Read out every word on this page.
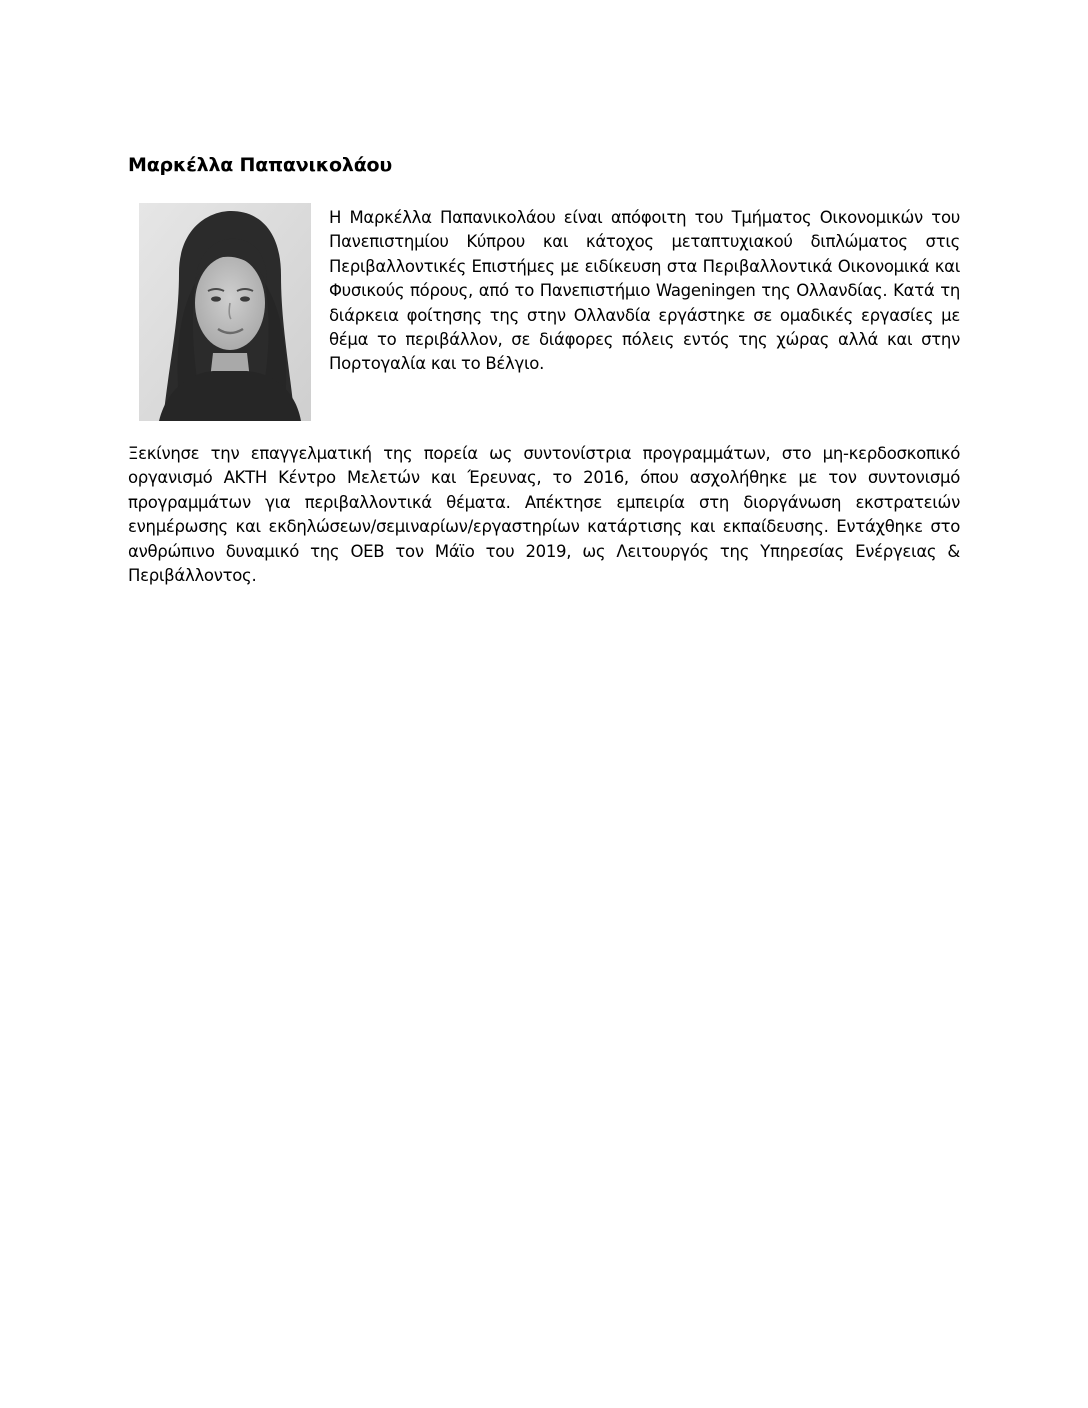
Μαρκέλλα Παπανικολάου

Η Μαρκέλλα Παπανικολάου είναι απόφοιτη του Τμήματος Οικονομικών του Πανεπιστημίου Κύπρου και κάτοχος μεταπτυχιακού διπλώματος στις Περιβαλλοντικές Επιστήμες με ειδίκευση στα Περιβαλλοντικά Οικονομικά και Φυσικούς πόρους, από το Πανεπιστήμιο Wageningen της Ολλανδίας. Κατά τη διάρκεια φοίτησης της στην Ολλανδία εργάστηκε σε ομαδικές εργασίες με θέμα το περιβάλλον, σε διάφορες πόλεις εντός της χώρας αλλά και στην Πορτογαλία και το Βέλγιο.

Ξεκίνησε την επαγγελματική της πορεία ως συντονίστρια προγραμμάτων, στο μη-κερδοσκοπικό οργανισμό ΑΚΤΗ Κέντρο Μελετών και Έρευνας, το 2016, όπου ασχολήθηκε με τον συντονισμό προγραμμάτων για περιβαλλοντικά θέματα. Απέκτησε εμπειρία στη διοργάνωση εκστρατειών ενημέρωσης και εκδηλώσεων/σεμιναρίων/εργαστηρίων κατάρτισης και εκπαίδευσης. Εντάχθηκε στο ανθρώπινο δυναμικό της ΟΕΒ τον Μάϊο του 2019, ως Λειτουργός της Υπηρεσίας Ενέργειας & Περιβάλλοντος.
